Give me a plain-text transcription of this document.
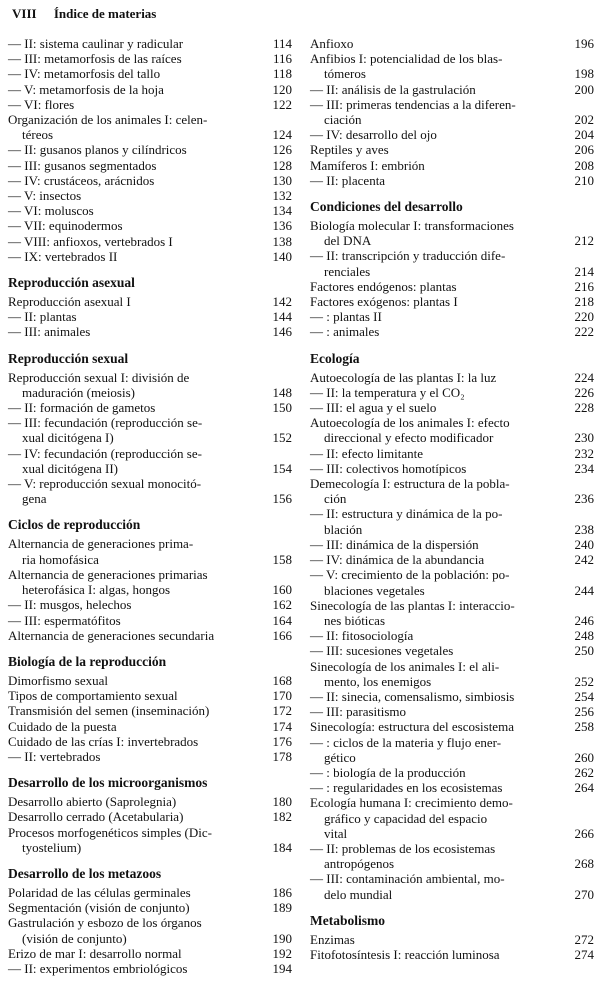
VIII Índice de materias
— II: sistema caulinar y radicular	114
— III: metamorfosis de las raíces	116
— IV: metamorfosis del tallo	118
— V: metamorfosis de la hoja	120
— VI: flores	122
Organización de los animales I: celen-
téreos	124
— II: gusanos planos y cilíndricos	126
— III: gusanos segmentados	128
— IV: crustáceos, arácnidos	130
— V: insectos	132
— VI: moluscos	134
— VII: equinodermos	136
— VIII: anfioxos, vertebrados I	138
— IX: vertebrados II	140
Reproducción asexual
Reproducción asexual I	142
— II: plantas	144
— III: animales	146
Reproducción sexual
Reproducción sexual I: división de
maduración (meiosis)	148
— II: formación de gametos	150
— III: fecundación (reproducción se-
xual dicitógena I)	152
— IV: fecundación (reproducción se-
xual dicitógena II)	154
— V: reproducción sexual monocitó-
gena	156
Ciclos de reproducción
Alternancia de generaciones prima-
ria homofásica	158
Alternancia de generaciones primarias
heterofásica I: algas, hongos	160
— II: musgos, helechos	162
— III: espermatófitos	164
Alternancia de generaciones secundaria	166
Biología de la reproducción
Dimorfismo sexual	168
Tipos de comportamiento sexual	170
Transmisión del semen (inseminación)	172
Cuidado de la puesta	174
Cuidado de las crías I: invertebrados	176
— II: vertebrados	178
Desarrollo de los microorganismos
Desarrollo abierto (Saprolegnia)	180
Desarrollo cerrado (Acetabularia)	182
Procesos morfogenéticos simples (Dic-
tyostelium)	184
Desarrollo de los metazoos
Polaridad de las células germinales	186
Segmentación (visión de conjunto)	189
Gastrulación y esbozo de los órganos
(visión de conjunto)	190
Erizo de mar I: desarrollo normal	192
— II: experimentos embriológicos	194
Anfioxo	196
Anfibios I: potencialidad de los blas-
tómeros	198
— II: análisis de la gastrulación	200
— III: primeras tendencias a la diferen-
ciación	202
— IV: desarrollo del ojo	204
Reptiles y aves	206
Mamíferos I: embrión	208
— II: placenta	210
Condiciones del desarrollo
Biología molecular I: transformaciones
del DNA	212
— II: transcripción y traducción dife-
renciales	214
Factores endógenos: plantas	216
Factores exógenos: plantas I	218
— : plantas II	220
— : animales	222
Ecología
Autoecología de las plantas I: la luz	224
— II: la temperatura y el CO₂	226
— III: el agua y el suelo	228
Autoecología de los animales I: efecto
direccional y efecto modificador	230
— II: efecto limitante	232
— III: colectivos homotípicos	234
Demecología I: estructura de la pobla-
ción	236
— II: estructura y dinámica de la po-
blación	238
— III: dinámica de la dispersión	240
— IV: dinámica de la abundancia	242
— V: crecimiento de la población: po-
blaciones vegetales	244
Sinecología de las plantas I: interaccio-
nes bióticas	246
— II: fitosociología	248
— III: sucesiones vegetales	250
Sinecología de los animales I: el ali-
mento, los enemigos	252
— II: sinecia, comensalismo, simbiosis	254
— III: parasitismo	256
Sinecología: estructura del escosistema	258
— : ciclos de la materia y flujo ener-
gético	260
— : biología de la producción	262
— : regularidades en los ecosistemas	264
Ecología humana I: crecimiento demo-
gráfico y capacidad del espacio
vital	266
— II: problemas de los ecosistemas
antropógenos	268
— III: contaminación ambiental, mo-
delo mundial	270
Metabolismo
Enzimas	272
Fitofotosíntesis I: reacción luminosa	274
